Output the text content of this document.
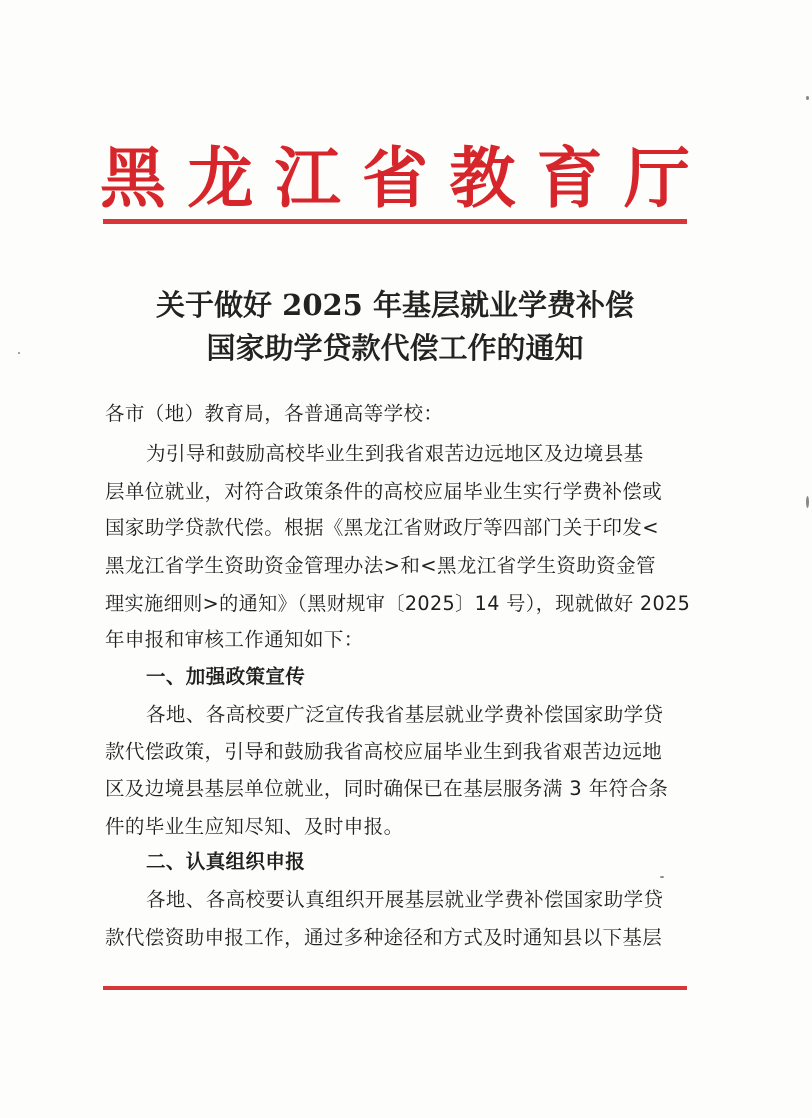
黑 龙 江 省 教 育 厅
关于做好 2025 年基层就业学费补偿
国家助学贷款代偿工作的通知
各市（地）教育局，各普通高等学校：
为引导和鼓励高校毕业生到我省艰苦边远地区及边境县基
层单位就业，对符合政策条件的高校应届毕业生实行学费补偿或
国家助学贷款代偿。根据《黑龙江省财政厅等四部门关于印发<
黑龙江省学生资助资金管理办法>和<黑龙江省学生资助资金管
理实施细则>的通知》（黑财规审〔2025〕14 号），现就做好 2025
年申报和审核工作通知如下：
一、加强政策宣传
各地、各高校要广泛宣传我省基层就业学费补偿国家助学贷
款代偿政策，引导和鼓励我省高校应届毕业生到我省艰苦边远地
区及边境县基层单位就业，同时确保已在基层服务满 3 年符合条
件的毕业生应知尽知、及时申报。
二、认真组织申报
各地、各高校要认真组织开展基层就业学费补偿国家助学贷
款代偿资助申报工作，通过多种途径和方式及时通知县以下基层
